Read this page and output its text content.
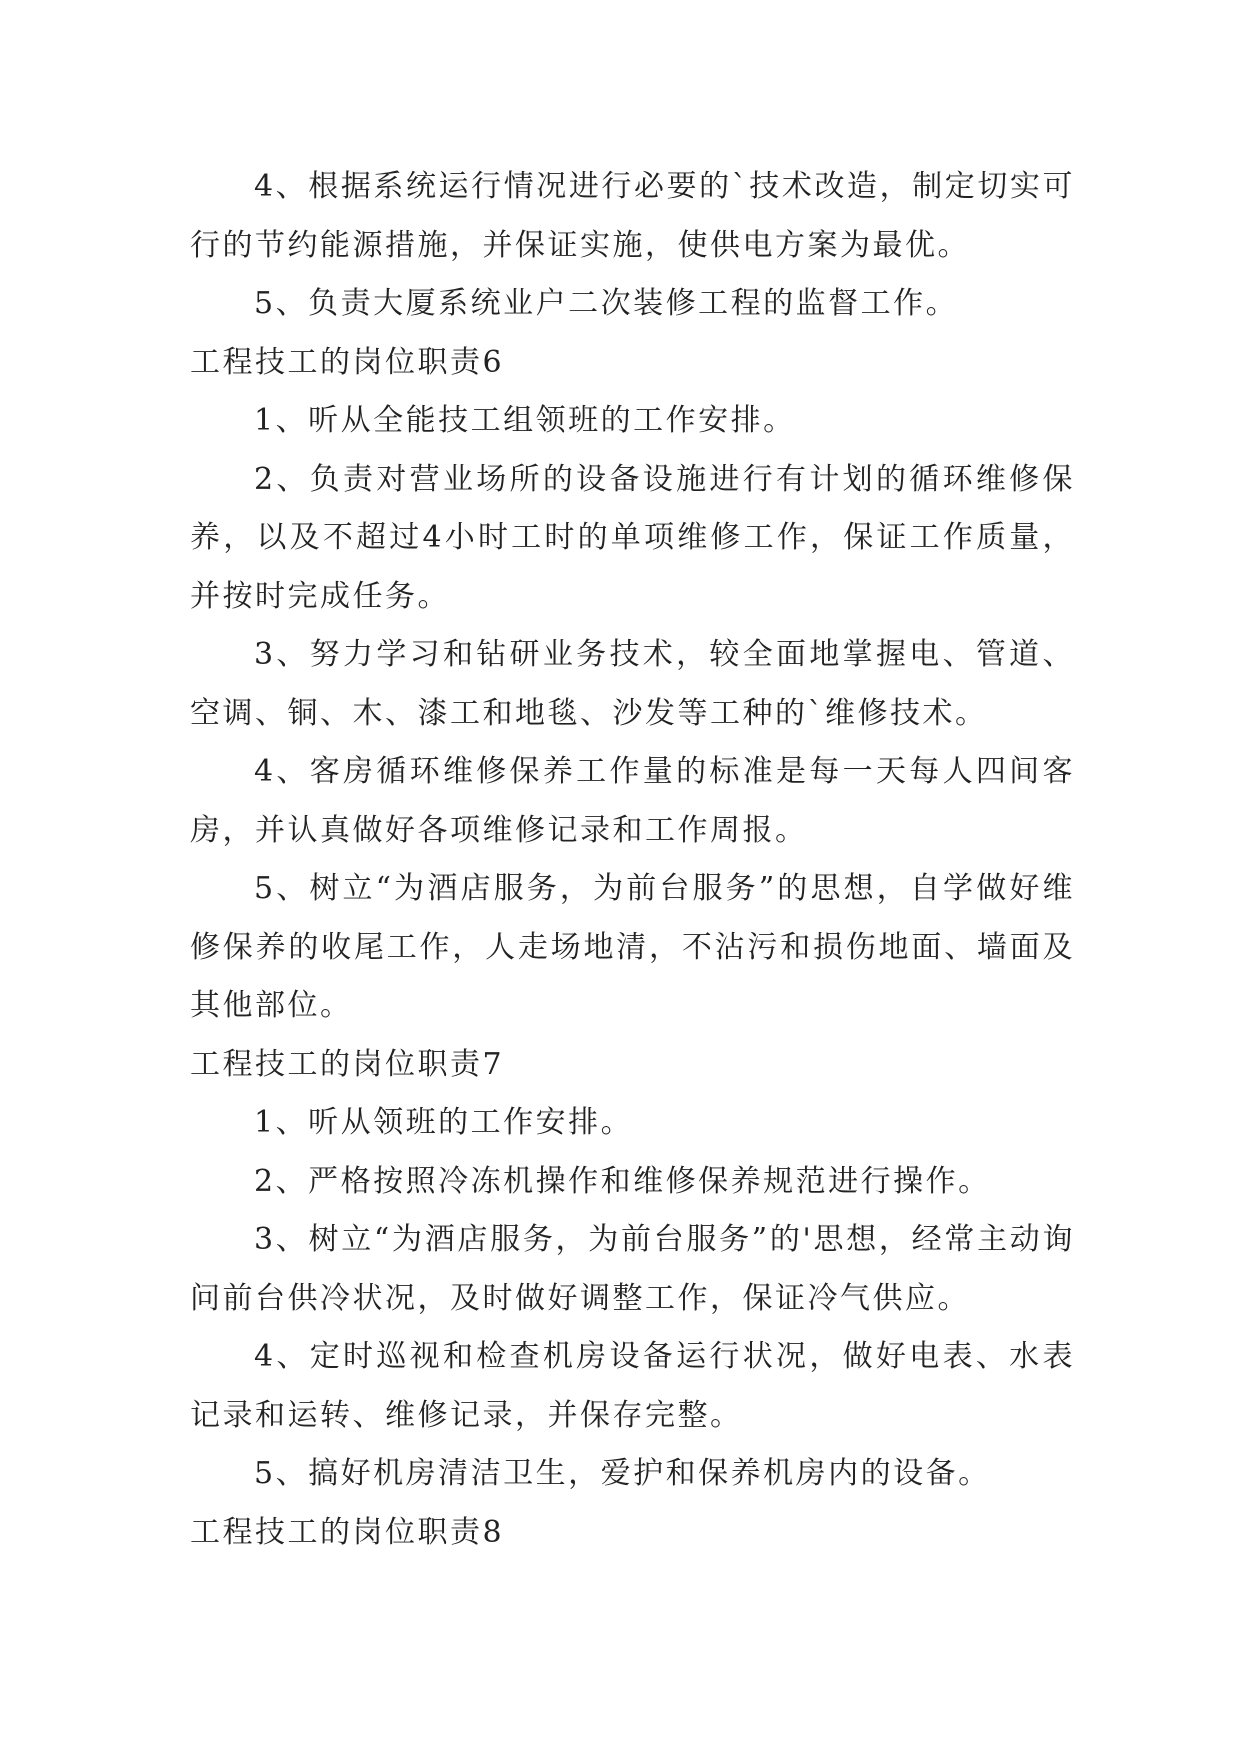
4、根据系统运行情况进行必要的`技术改造，制定切实可行的节约能源措施，并保证实施，使供电方案为最优。

5、负责大厦系统业户二次装修工程的监督工作。

工程技工的岗位职责6

1、听从全能技工组领班的工作安排。

2、负责对营业场所的设备设施进行有计划的循环维修保养，以及不超过4小时工时的单项维修工作，保证工作质量，并按时完成任务。

3、努力学习和钻研业务技术，较全面地掌握电、管道、空调、铜、木、漆工和地毯、沙发等工种的`维修技术。

4、客房循环维修保养工作量的标准是每一天每人四间客房，并认真做好各项维修记录和工作周报。

5、树立“为酒店服务，为前台服务”的思想，自学做好维修保养的收尾工作，人走场地清，不沾污和损伤地面、墙面及其他部位。

工程技工的岗位职责7

1、听从领班的工作安排。

2、严格按照冷冻机操作和维修保养规范进行操作。

3、树立“为酒店服务，为前台服务”的'思想，经常主动询问前台供冷状况，及时做好调整工作，保证冷气供应。

4、定时巡视和检查机房设备运行状况，做好电表、水表记录和运转、维修记录，并保存完整。

5、搞好机房清洁卫生，爱护和保养机房内的设备。

工程技工的岗位职责8
